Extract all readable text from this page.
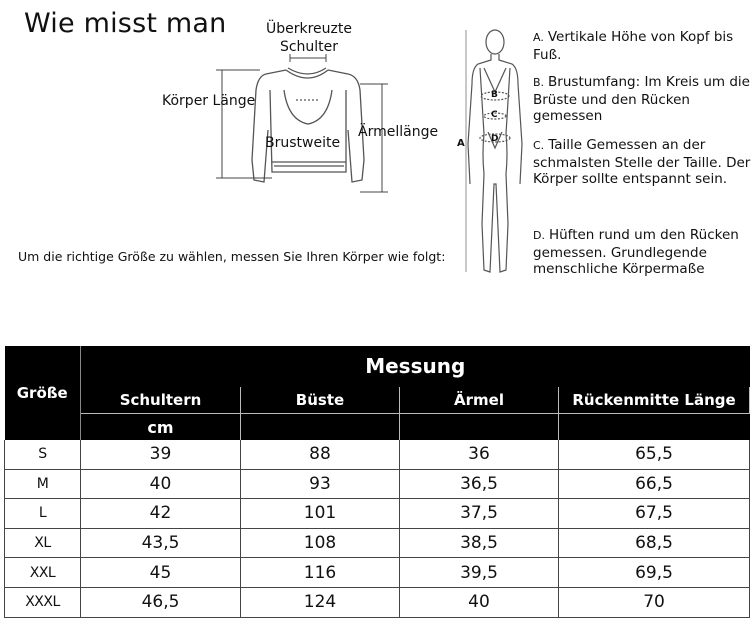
Wie misst man	Überkreuzte
Schulter
Körper Länge
Ärmellänge
Brustweite
Um die richtige Größe zu wählen, messen Sie Ihren Körper wie folgt:
A
B
C
D
A. Vertikale Höhe von Kopf bis Fuß.
B. Brustumfang: Im Kreis um die Brüste und den Rücken gemessen
C. Taille Gemessen an der schmalsten Stelle der Taille. Der Körper sollte entspannt sein.
D. Hüften rund um den Rücken gemessen. Grundlegende menschliche Körpermaße
Größe	Messung			
	Schultern	Büste	Ärmel	Rückenmitte Länge
	cm			
S	39	88	36	65,5
M	40	93	36,5	66,5
L	42	101	37,5	67,5
XL	43,5	108	38,5	68,5
XXL	45	116	39,5	69,5
XXXL	46,5	124	40	70
